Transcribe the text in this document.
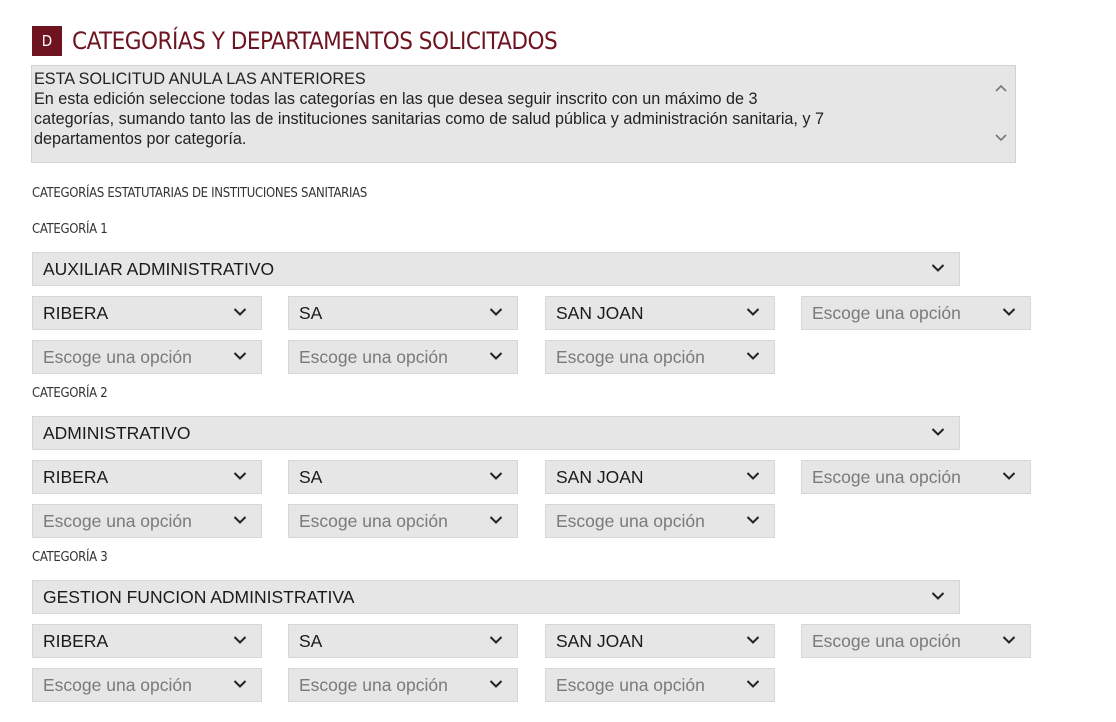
D CATEGORÍAS Y DEPARTAMENTOS SOLICITADOS
ESTA SOLICITUD ANULA LAS ANTERIORES
En esta edición seleccione todas las categorías en las que desea seguir inscrito con un máximo de 3
categorías, sumando tanto las de instituciones sanitarias como de salud pública y administración sanitaria, y 7
departamentos por categoría.
CATEGORÍAS ESTATUTARIAS DE INSTITUCIONES SANITARIAS
CATEGORÍA 1
AUXILIAR ADMINISTRATIVO
RIBERA	SA	SAN JOAN	Escoge una opción
Escoge una opción	Escoge una opción	Escoge una opción
CATEGORÍA 2
ADMINISTRATIVO
RIBERA	SA	SAN JOAN	Escoge una opción
Escoge una opción	Escoge una opción	Escoge una opción
CATEGORÍA 3
GESTION FUNCION ADMINISTRATIVA
RIBERA	SA	SAN JOAN	Escoge una opción
Escoge una opción	Escoge una opción	Escoge una opción
